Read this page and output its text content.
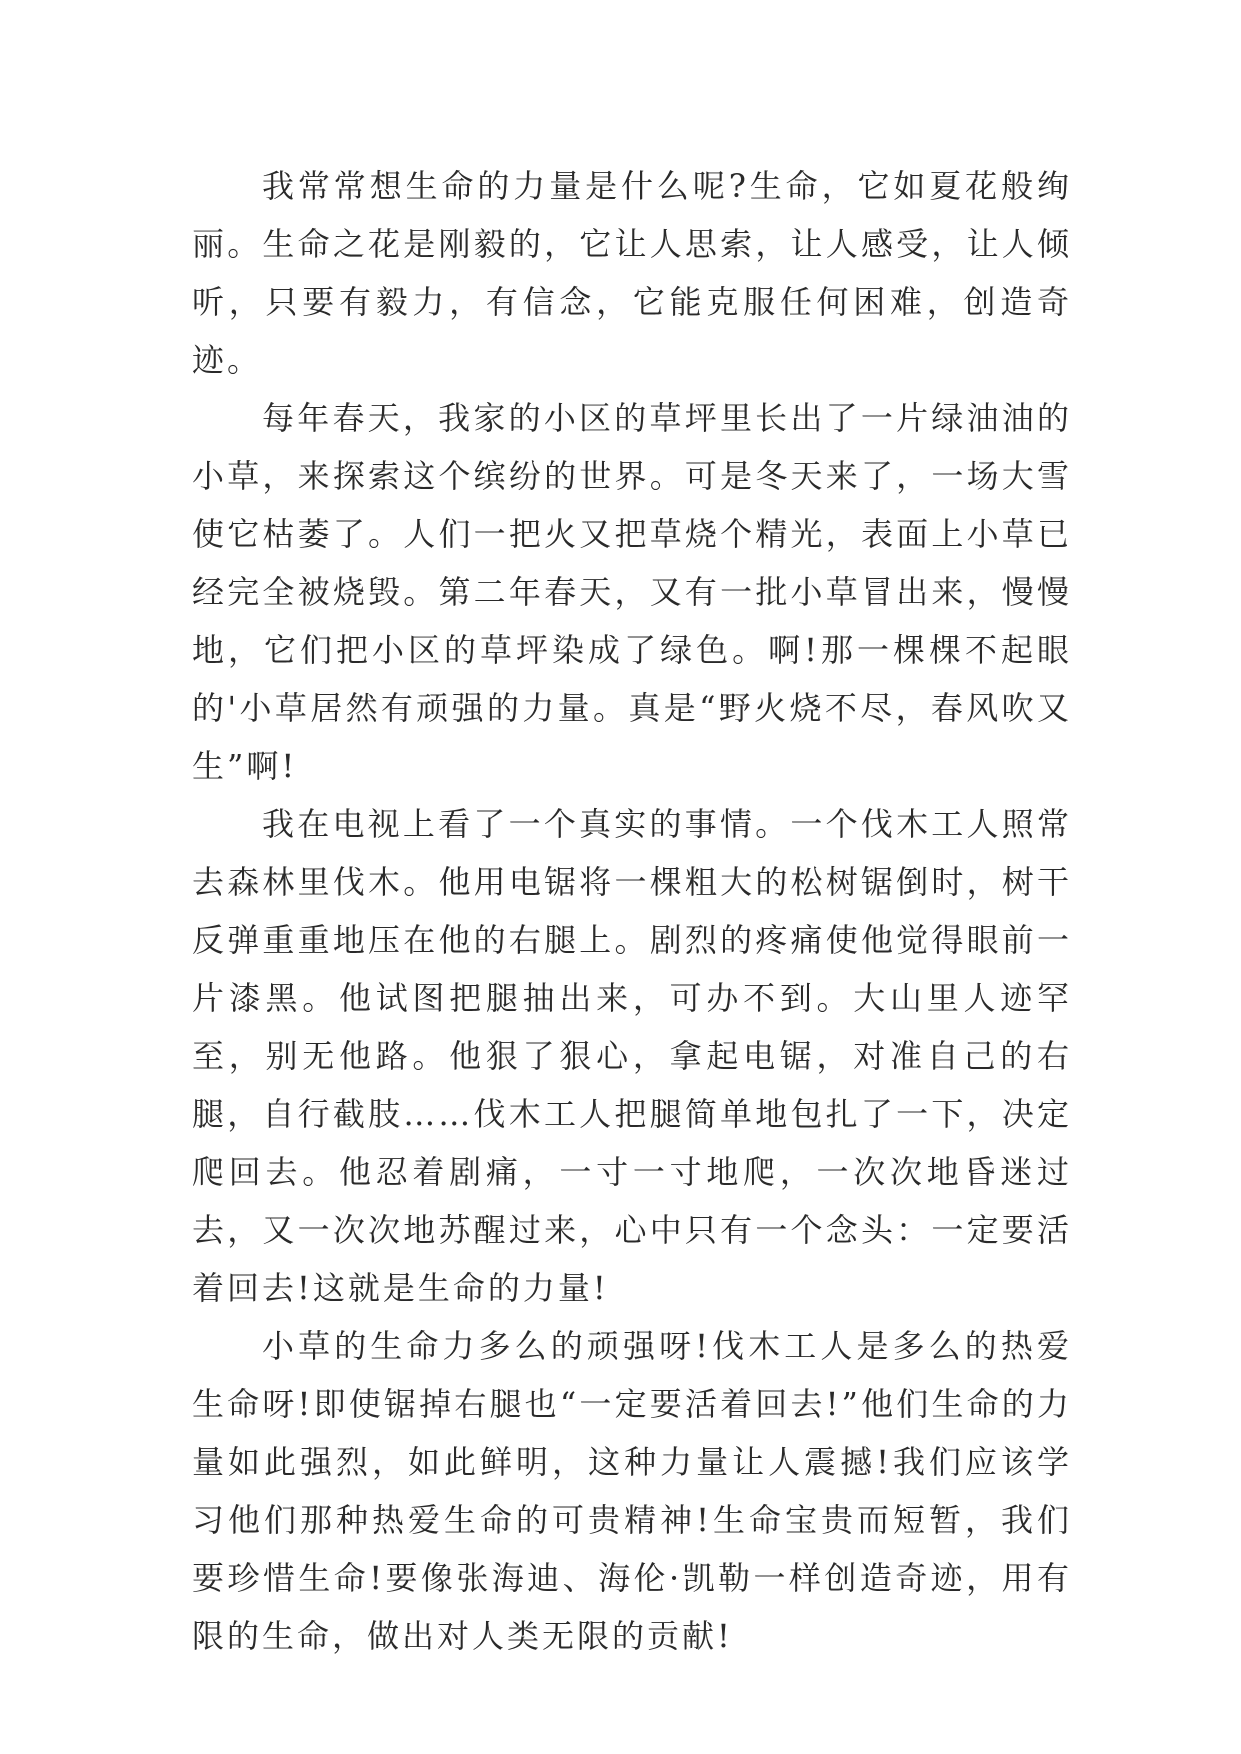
我常常想生命的力量是什么呢?生命，它如夏花般绚丽。生命之花是刚毅的，它让人思索，让人感受，让人倾听，只要有毅力，有信念，它能克服任何困难，创造奇迹。

每年春天，我家的小区的草坪里长出了一片绿油油的小草，来探索这个缤纷的世界。可是冬天来了，一场大雪使它枯萎了。人们一把火又把草烧个精光，表面上小草已经完全被烧毁。第二年春天，又有一批小草冒出来，慢慢地，它们把小区的草坪染成了绿色。啊!那一棵棵不起眼的'小草居然有顽强的力量。真是“野火烧不尽，春风吹又生”啊!

我在电视上看了一个真实的事情。一个伐木工人照常去森林里伐木。他用电锯将一棵粗大的松树锯倒时，树干反弹重重地压在他的右腿上。剧烈的疼痛使他觉得眼前一片漆黑。他试图把腿抽出来，可办不到。大山里人迹罕至，别无他路。他狠了狠心，拿起电锯，对准自己的右腿，自行截肢……伐木工人把腿简单地包扎了一下，决定爬回去。他忍着剧痛，一寸一寸地爬，一次次地昏迷过去，又一次次地苏醒过来，心中只有一个念头：一定要活着回去!这就是生命的力量!

小草的生命力多么的顽强呀!伐木工人是多么的热爱生命呀!即使锯掉右腿也“一定要活着回去!”他们生命的力量如此强烈，如此鲜明，这种力量让人震撼!我们应该学习他们那种热爱生命的可贵精神!生命宝贵而短暂，我们要珍惜生命!要像张海迪、海伦·凯勒一样创造奇迹，用有限的生命，做出对人类无限的贡献!
